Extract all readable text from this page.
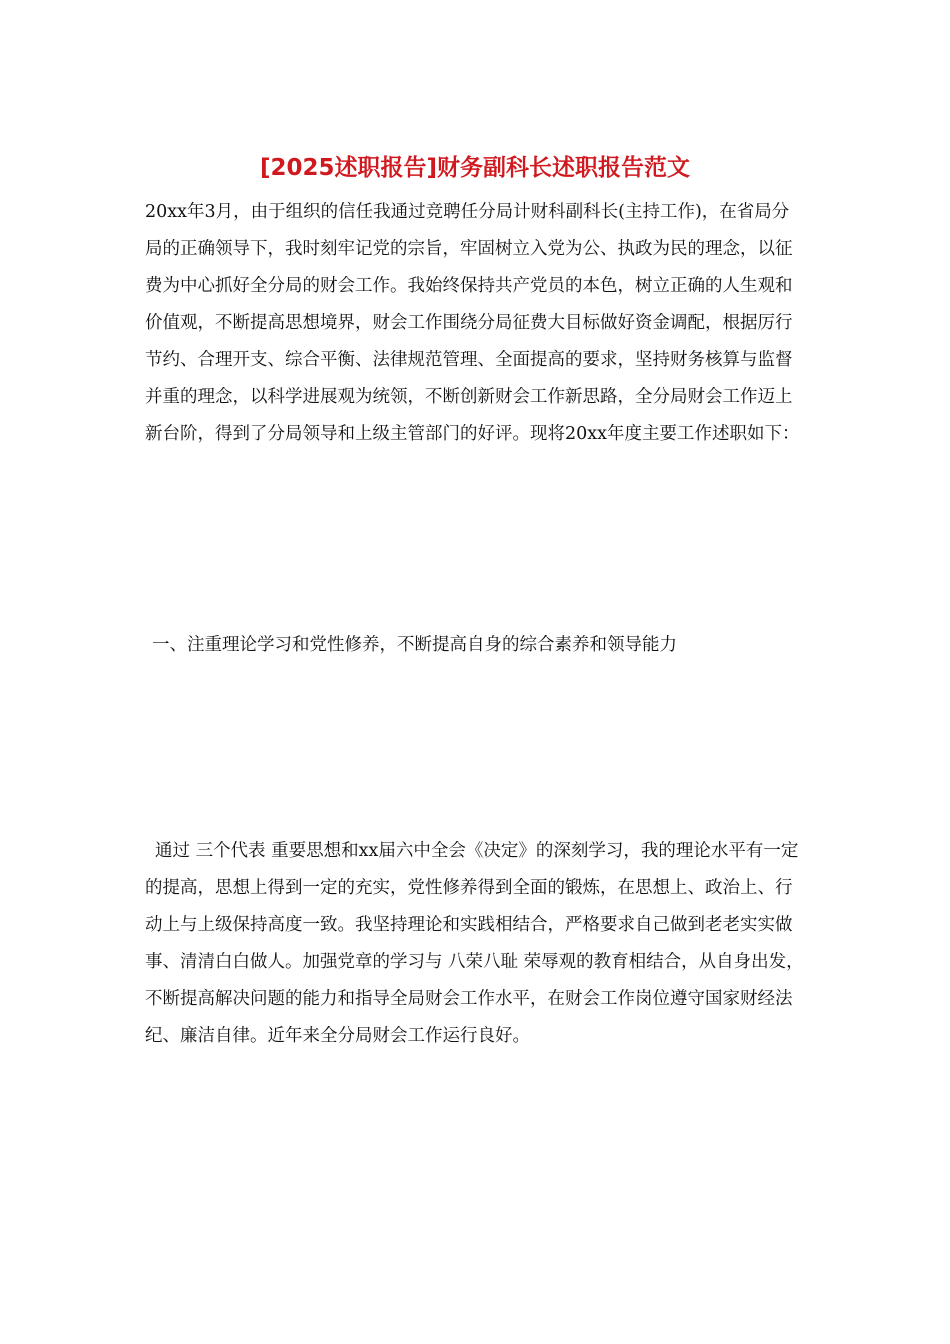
[2025述职报告]财务副科长述职报告范文

20xx年3月，由于组织的信任我通过竞聘任分局计财科副科长(主持工作)，在省局分局的正确领导下，我时刻牢记党的宗旨，牢固树立入党为公、执政为民的理念，以征费为中心抓好全分局的财会工作。我始终保持共产党员的本色，树立正确的人生观和价值观，不断提高思想境界，财会工作围绕分局征费大目标做好资金调配，根据厉行节约、合理开支、综合平衡、法律规范管理、全面提高的要求，坚持财务核算与监督并重的理念，以科学进展观为统领，不断创新财会工作新思路，全分局财会工作迈上新台阶，得到了分局领导和上级主管部门的好评。现将20xx年度主要工作述职如下：

一、注重理论学习和党性修养，不断提高自身的综合素养和领导能力

通过 三个代表 重要思想和xx届六中全会《决定》的深刻学习，我的理论水平有一定的提高，思想上得到一定的充实，党性修养得到全面的锻炼，在思想上、政治上、行动上与上级保持高度一致。我坚持理论和实践相结合，严格要求自己做到老老实实做事、清清白白做人。加强党章的学习与 八荣八耻 荣辱观的教育相结合，从自身出发，不断提高解决问题的能力和指导全局财会工作水平，在财会工作岗位遵守国家财经法纪、廉洁自律。近年来全分局财会工作运行良好。
